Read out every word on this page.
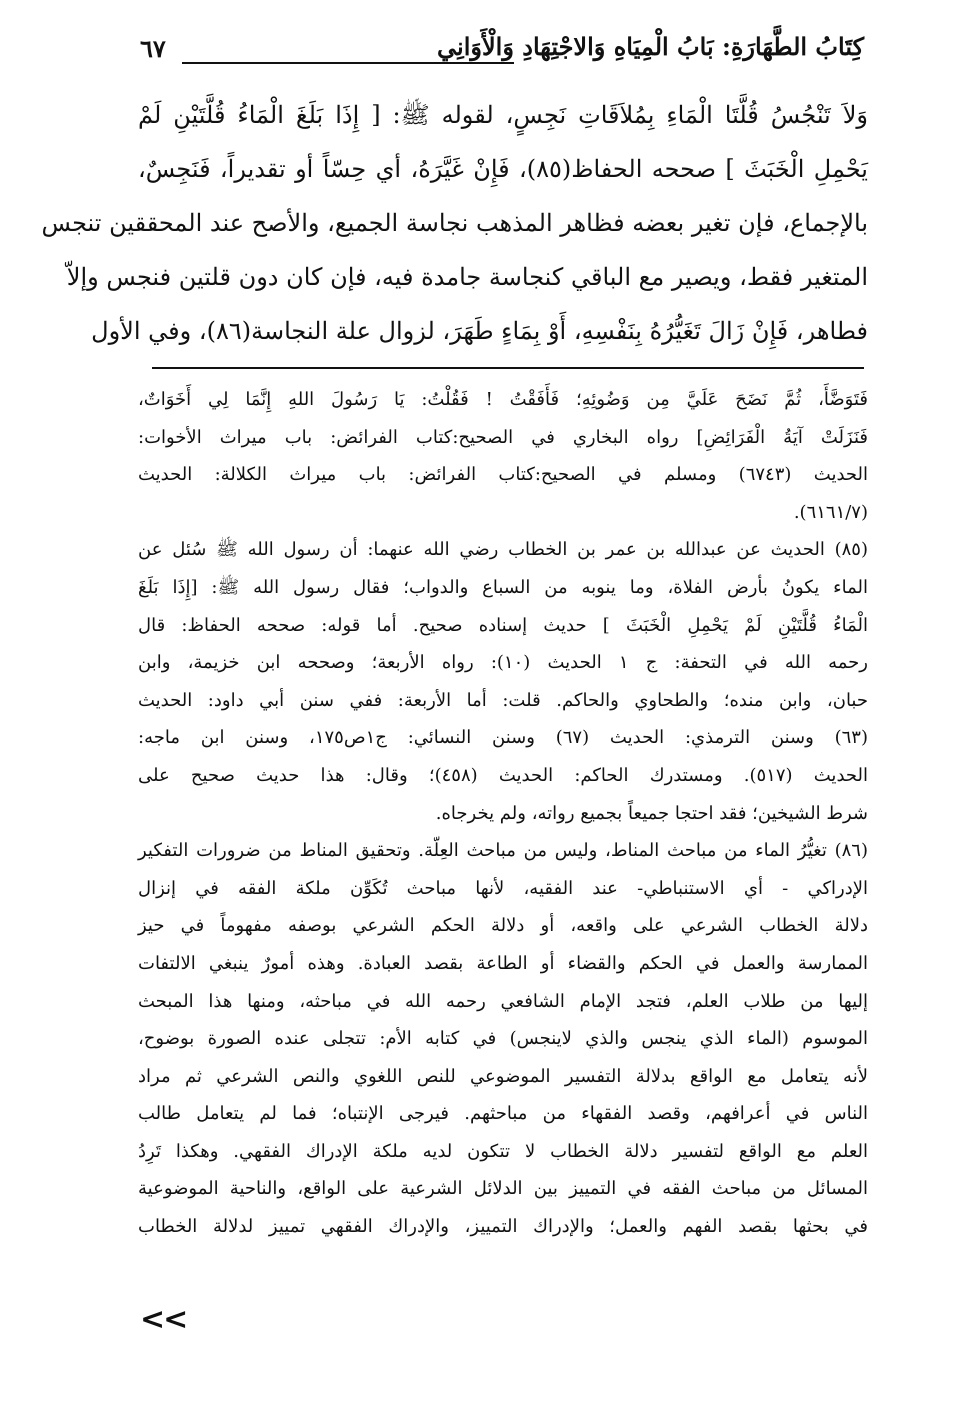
كِتَابُ الطَّهَارَةِ: بَابُ الْمِيَاهِ وَالاجْتِهَادِ وَالْأَوَانِي
٦٧
وَلاَ تَنْجُسُ قُلَّتَا الْمَاءِ بِمُلاَقَاتِ نَجِسٍ، لقوله ﷺ: [ إِذَا بَلَغَ الْمَاءُ قُلَّتَيْنِ لَمْ
يَحْمِلِ الْخَبَثَ ] صححه الحفاظ(٨٥)، فَإِنْ غَيَّرَهُ، أي حِسّاً أو تقديراً، فَنَجِسٌ،
بالإجماع، فإن تغير بعضه فظاهر المذهب نجاسة الجميع، والأصح عند المحققين تنجس
المتغير فقط، ويصير مع الباقي كنجاسة جامدة فيه، فإن كان دون قلتين فنجس وإلاّ
فطاهر، فَإِنْ زَالَ تَغَيُّرُهُ بِنَفْسِهِ، أَوْ بِمَاءٍ طَهَرَ، لزوال علة النجاسة(٨٦)، وفي الأول
فَتَوَضَّأَ، ثُمَّ نَضَحَ عَلَيَّ مِن وَضُوئِهِ؛ فَأَفَقْتُ ! فَقُلْتُ: يَا رَسُولَ اللهِ إِنَّمَا لِي أَخَوَاتٌ،
فَنَزَلَتْ آيَةُ الْفَرَائِضِ] رواه البخاري في الصحيح:كتاب الفرائض: باب ميراث الأخوات:
الحديث (٦٧٤٣) ومسلم في الصحيح:كتاب الفرائض: باب ميراث الكلالة: الحديث
(٦١٦١/٧).
(٨٥) الحديث عن عبدالله بن عمر بن الخطاب رضي الله عنهما: أن رسول الله ﷺ سُئل عن
الماء يكونُ بأرض الفلاة، وما ينوبه من السباع والدواب؛ فقال رسول الله ﷺ: [إِذَا بَلَغَ
الْمَاءُ قُلَّتَيْنِ لَمْ يَحْمِلِ الْخَبَثَ ] حديث إسناده صحيح. أما قوله: صححه الحفاظ: قال
رحمه الله في التحفة: ج ١ الحديث (١٠): رواه الأربعة؛ وصححه ابن خزيمة، وابن
حبان، وابن منده؛ والطحاوي والحاكم. قلت: أما الأربعة: ففي سنن أبي داود: الحديث
(٦٣) وسنن الترمذي: الحديث (٦٧) وسنن النسائي: ج١ص١٧٥، وسنن ابن ماجه:
الحديث (٥١٧). ومستدرك الحاكم: الحديث (٤٥٨)؛ وقال: هذا حديث صحيح على
شرط الشيخين؛ فقد احتجا جميعاً بجميع رواته، ولم يخرجاه.
(٨٦) تغيُّرُ الماء من مباحث المناط، وليس من مباحث العِلّة. وتحقيق المناط من ضرورات التفكير
الإدراكي - أي الاستنباطي- عند الفقيه، لأنها مباحث تُكَوِّن ملكة الفقه في إنزال
دلالة الخطاب الشرعي على واقعه، أو دلالة الحكم الشرعي بوصفه مفهوماً في حيز
الممارسة والعمل في الحكم والقضاء أو الطاعة بقصد العبادة. وهذه أمورٌ ينبغي الالتفات
إليها من طلاب العلم، فتجد الإمام الشافعي رحمه الله في مباحثه، ومنها هذا المبحث
الموسوم (الماء الذي ينجس والذي لاينجس) في كتابه الأم: تتجلى عنده الصورة بوضوح،
لأنه يتعامل مع الواقع بدلالة التفسير الموضوعي للنص اللغوي والنص الشرعي ثم مراد
الناس في أعرافهم، وقصد الفقهاء من مباحثهم. فيرجى الإنتباه؛ فما لم يتعامل طالب
العلم مع الواقع لتفسير دلالة الخطاب لا تتكون لديه ملكة الإدراك الفقهي. وهكذا تَرِدُ
المسائل من مباحث الفقه في التمييز بين الدلائل الشرعية على الواقع، والناحية الموضوعية
في بحثها بقصد الفهم والعمل؛ والإدراك التمييز، والإدراك الفقهي تمييز لدلالة الخطاب
<<
